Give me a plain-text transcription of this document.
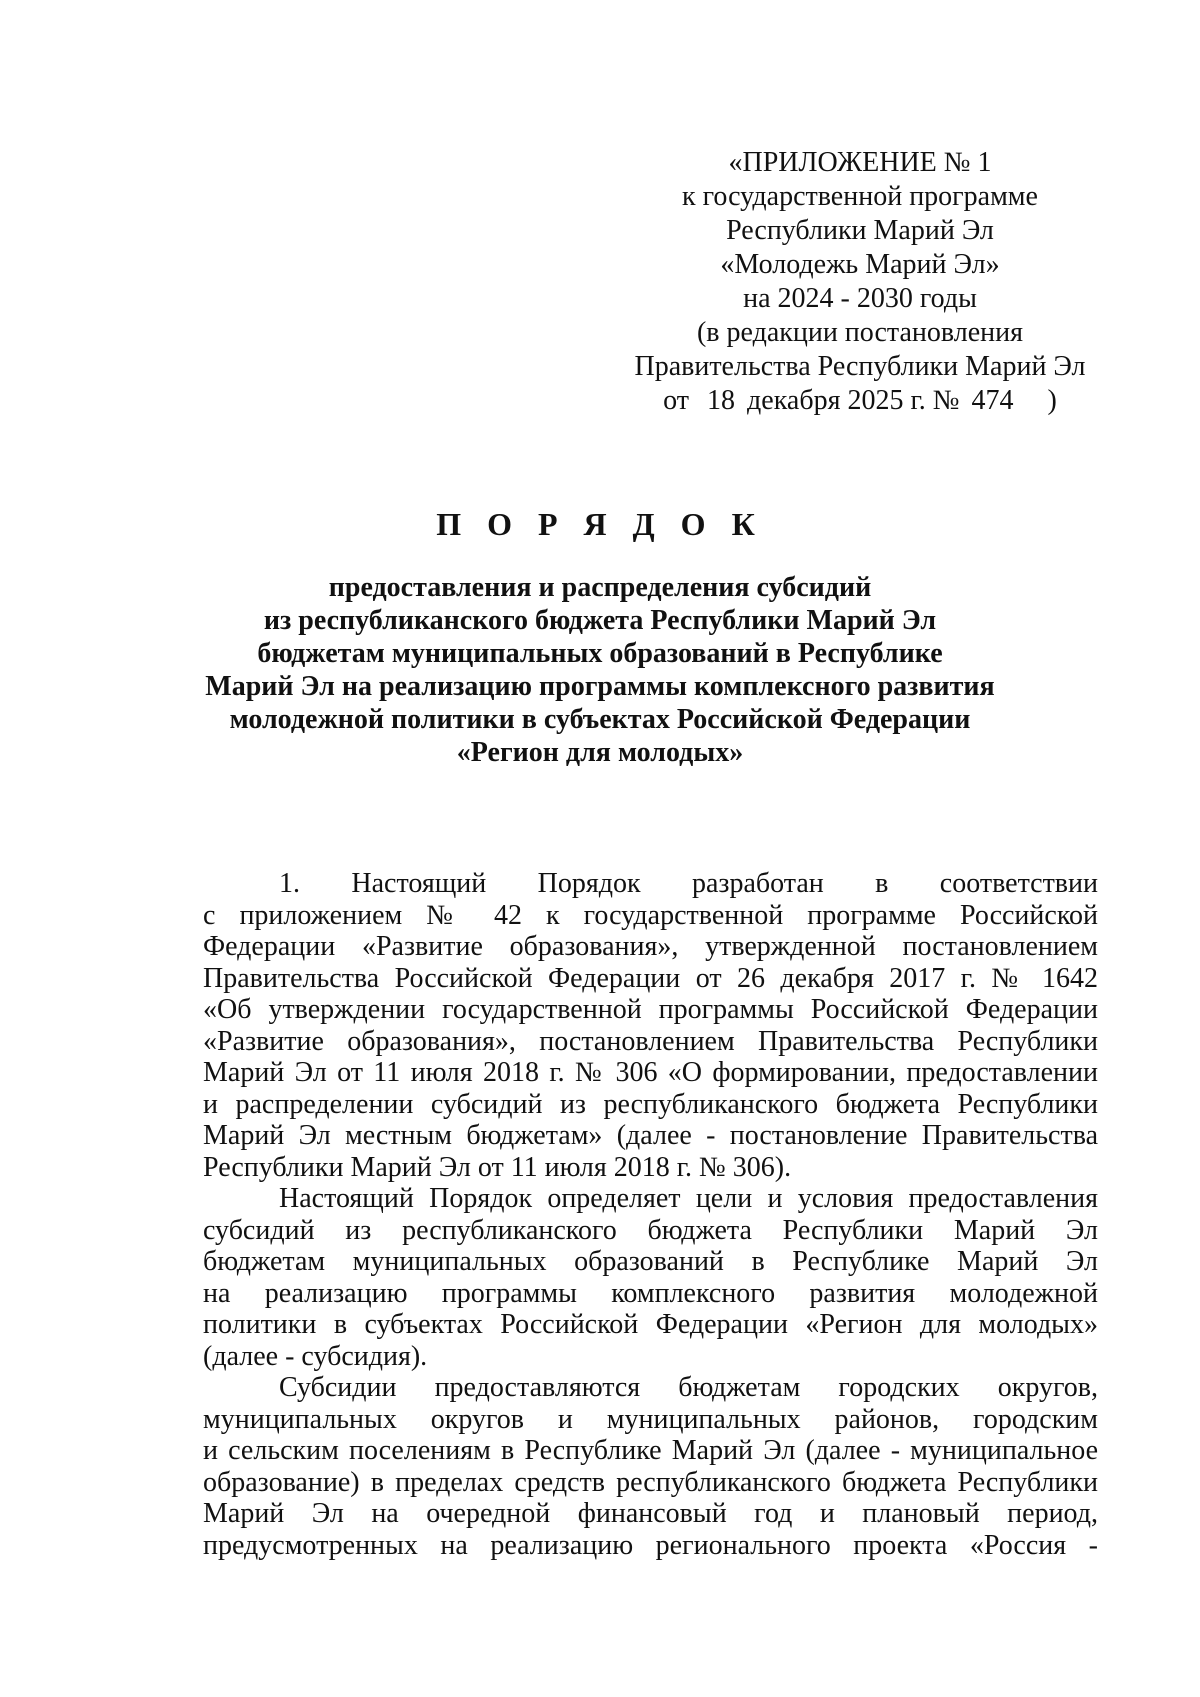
«ПРИЛОЖЕНИЕ № 1
к государственной программе
Республики Марий Эл
«Молодежь Марий Эл»
на 2024 - 2030 годы
(в редакции постановления
Правительства Республики Марий Эл
от 18 декабря 2025 г. № 474 )
П О Р Я Д О К
предоставления и распределения субсидий
из республиканского бюджета Республики Марий Эл
бюджетам муниципальных образований в Республике
Марий Эл на реализацию программы комплексного развития
молодежной политики в субъектах Российской Федерации
«Регион для молодых»
1. Настоящий Порядок разработан в соответствии
с приложением № 42 к государственной программе Российской
Федерации «Развитие образования», утвержденной постановлением
Правительства Российской Федерации от 26 декабря 2017 г. № 1642
«Об утверждении государственной программы Российской Федерации
«Развитие образования», постановлением Правительства Республики
Марий Эл от 11 июля 2018 г. № 306 «О формировании, предоставлении
и распределении субсидий из республиканского бюджета Республики
Марий Эл местным бюджетам» (далее - постановление Правительства
Республики Марий Эл от 11 июля 2018 г. № 306).
Настоящий Порядок определяет цели и условия предоставления
субсидий из республиканского бюджета Республики Марий Эл
бюджетам муниципальных образований в Республике Марий Эл
на реализацию программы комплексного развития молодежной
политики в субъектах Российской Федерации «Регион для молодых»
(далее - субсидия).
Субсидии предоставляются бюджетам городских округов,
муниципальных округов и муниципальных районов, городским
и сельским поселениям в Республике Марий Эл (далее - муниципальное
образование) в пределах средств республиканского бюджета Республики
Марий Эл на очередной финансовый год и плановый период,
предусмотренных на реализацию регионального проекта «Россия -
